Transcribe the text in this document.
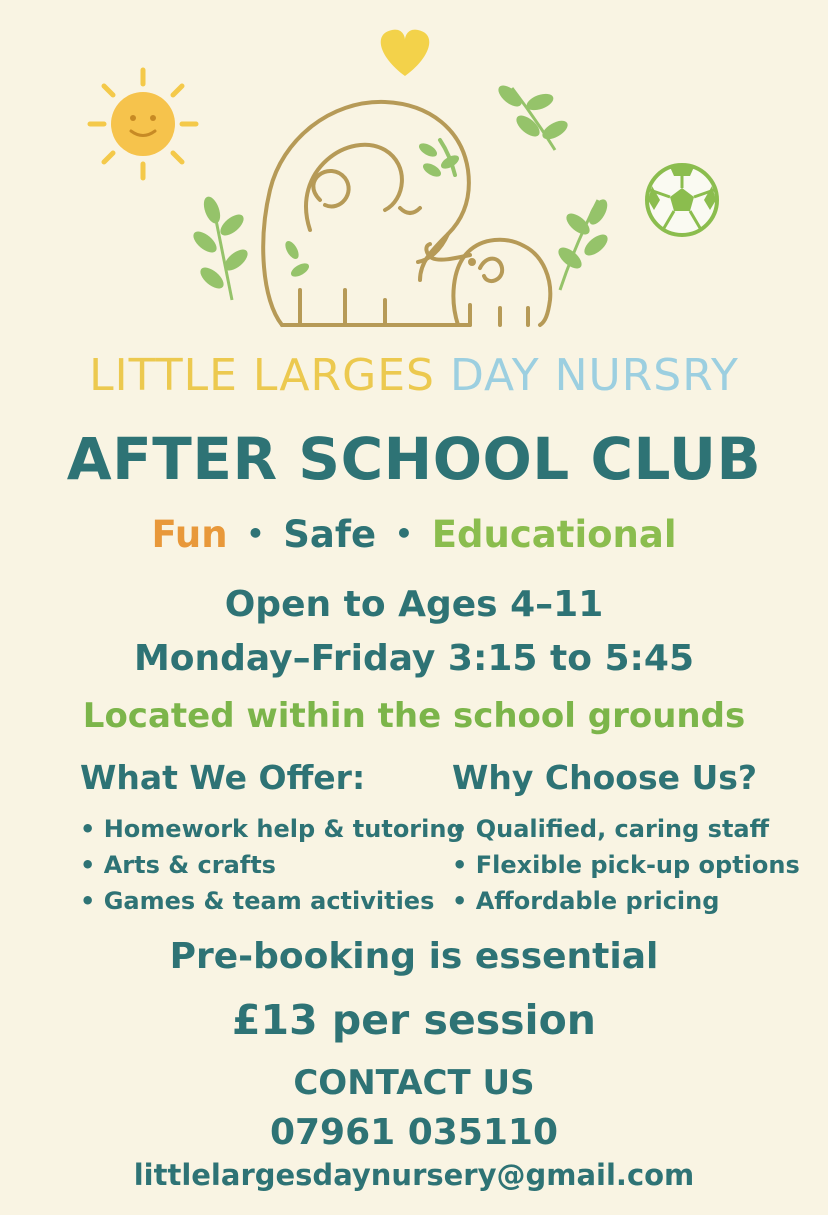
LITTLE LARGES DAY NURSRY
AFTER SCHOOL CLUB
Fun • Safe • Educational
Open to Ages 4–11
Monday–Friday 3:15 to 5:45
Located within the school grounds
What We Offer:
• Homework help & tutoring
• Arts & crafts
• Games & team activities
Why Choose Us?
• Qualified, caring staff
• Flexible pick-up options
• Affordable pricing
Pre-booking is essential
£13 per session
CONTACT US
07961 035110
littlelargesdaynursery@gmail.com
